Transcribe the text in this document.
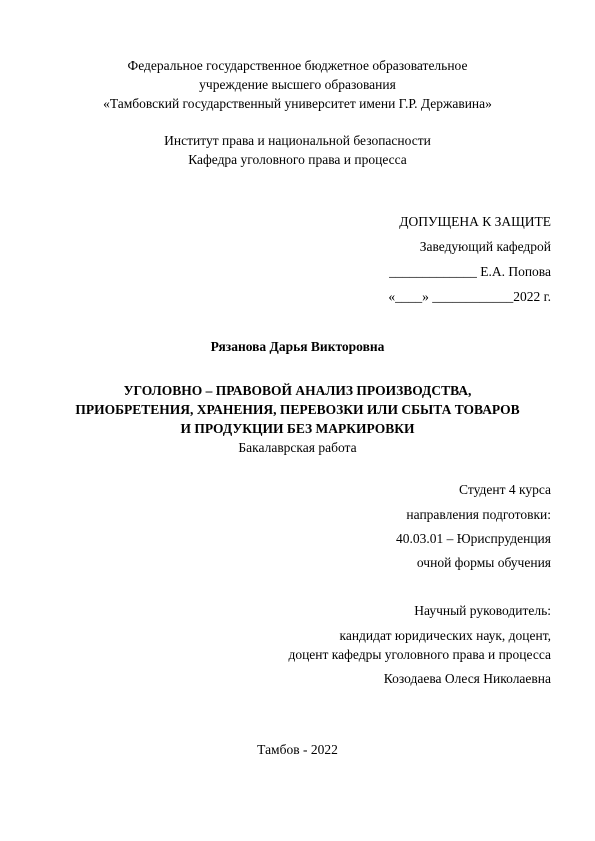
Федеральное государственное бюджетное образовательное
учреждение высшего образования
«Тамбовский государственный университет имени Г.Р. Державина»
Институт права и национальной безопасности
Кафедра уголовного права и процесса
ДОПУЩЕНА К ЗАЩИТЕ
Заведующий кафедрой
_____________ Е.А. Попова
«____» ____________2022 г.
Рязанова Дарья Викторовна
УГОЛОВНО – ПРАВОВОЙ АНАЛИЗ ПРОИЗВОДСТВА,
ПРИОБРЕТЕНИЯ, ХРАНЕНИЯ, ПЕРЕВОЗКИ ИЛИ СБЫТА ТОВАРОВ
И ПРОДУКЦИИ БЕЗ МАРКИРОВКИ
Бакалаврская работа
Студент 4 курса
направления подготовки:
40.03.01 – Юриспруденция
очной формы обучения
Научный руководитель:
кандидат юридических наук, доцент,
доцент кафедры уголовного права и процесса
Козодаева Олеся Николаевна
Тамбов - 2022
